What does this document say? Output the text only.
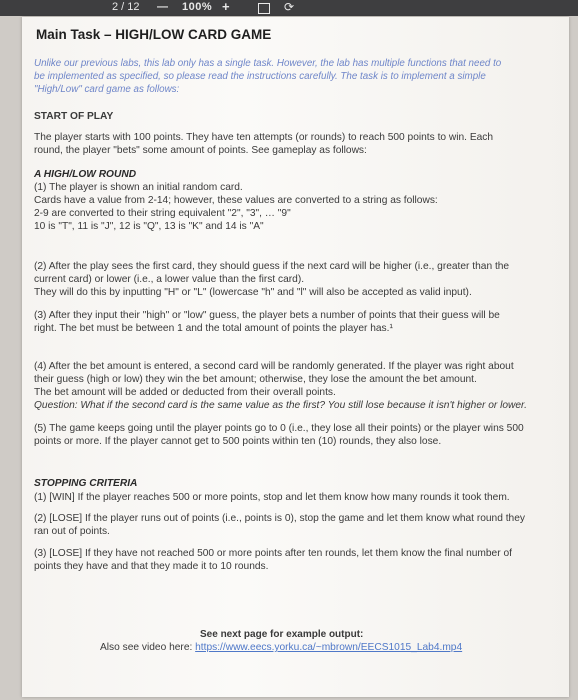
2 / 12 — 100% +	⟳
Main Task – HIGH/LOW CARD GAME
Unlike our previous labs, this lab only has a single task. However, the lab has multiple functions that need to
be implemented as specified, so please read the instructions carefully. The task is to implement a simple
"High/Low" card game as follows:
START OF PLAY
The player starts with 100 points. They have ten attempts (or rounds) to reach 500 points to win. Each
round, the player "bets" some amount of points. See gameplay as follows:
A HIGH/LOW ROUND
(1) The player is shown an initial random card.
Cards have a value from 2-14; however, these values are converted to a string as follows:
2-9 are converted to their string equivalent "2", "3", … "9"
10 is "T", 11 is "J", 12 is "Q", 13 is "K" and 14 is "A"
(2) After the play sees the first card, they should guess if the next card will be higher (i.e., greater than the
current card) or lower (i.e., a lower value than the first card).
They will do this by inputting "H" or "L" (lowercase "h" and "l" will also be accepted as valid input).
(3) After they input their "high" or "low" guess, the player bets a number of points that their guess will be
right. The bet must be between 1 and the total amount of points the player has.¹
(4) After the bet amount is entered, a second card will be randomly generated. If the player was right about
their guess (high or low) they win the bet amount; otherwise, they lose the amount the bet amount.
The bet amount will be added or deducted from their overall points.
Question: What if the second card is the same value as the first? You still lose because it isn't higher or lower.
(5) The game keeps going until the player points go to 0 (i.e., they lose all their points) or the player wins 500
points or more. If the player cannot get to 500 points within ten (10) rounds, they also lose.
STOPPING CRITERIA
(1) [WIN] If the player reaches 500 or more points, stop and let them know how many rounds it took them.
(2) [LOSE] If the player runs out of points (i.e., points is 0), stop the game and let them know what round they
ran out of points.
(3) [LOSE] If they have not reached 500 or more points after ten rounds, let them know the final number of
points they have and that they made it to 10 rounds.
See next page for example output:
Also see video here: https://www.eecs.yorku.ca/~mbrown/EECS1015_Lab4.mp4
